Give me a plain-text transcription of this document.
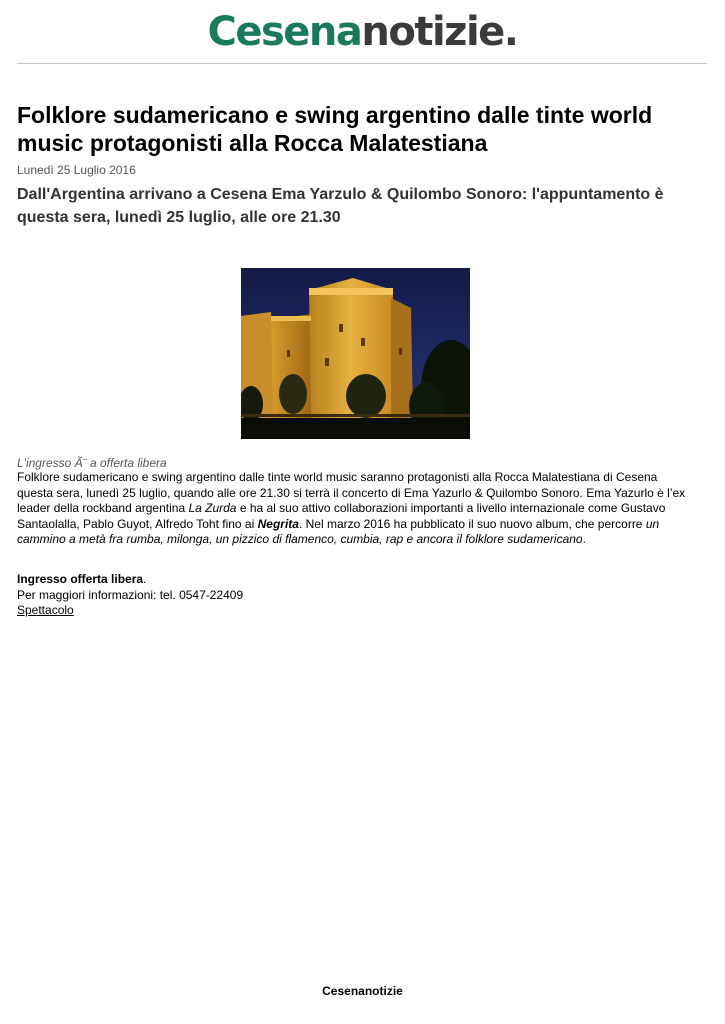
Cesenanotizie.
Folklore sudamericano e swing argentino dalle tinte world music protagonisti alla Rocca Malatestiana
Lunedì 25 Luglio 2016
Dall'Argentina arrivano a Cesena Ema Yarzulo & Quilombo Sonoro: l'appuntamento è questa sera, lunedì 25 luglio, alle ore 21.30
L'ingresso Ã¨ a offerta libera

Folklore sudamericano e swing argentino dalle tinte world music saranno protagonisti alla Rocca Malatestiana di Cesena questa sera, lunedì 25 luglio, quando alle ore 21.30 si terrà il concerto di Ema Yazurlo & Quilombo Sonoro. Ema Yazurlo è l’ex leader della rockband argentina La Zurda e ha al suo attivo collaborazioni importanti a livello internazionale come Gustavo Santaolalla, Pablo Guyot, Alfredo Toht fino ai Negrita. Nel marzo 2016 ha pubblicato il suo nuovo album, che percorre un cammino a metà fra rumba, milonga, un pizzico di flamenco, cumbia, rap e ancora il folklore sudamericano.

Ingresso offerta libera.
Per maggiori informazioni: tel. 0547-22409
Spettacolo
Cesenanotizie
